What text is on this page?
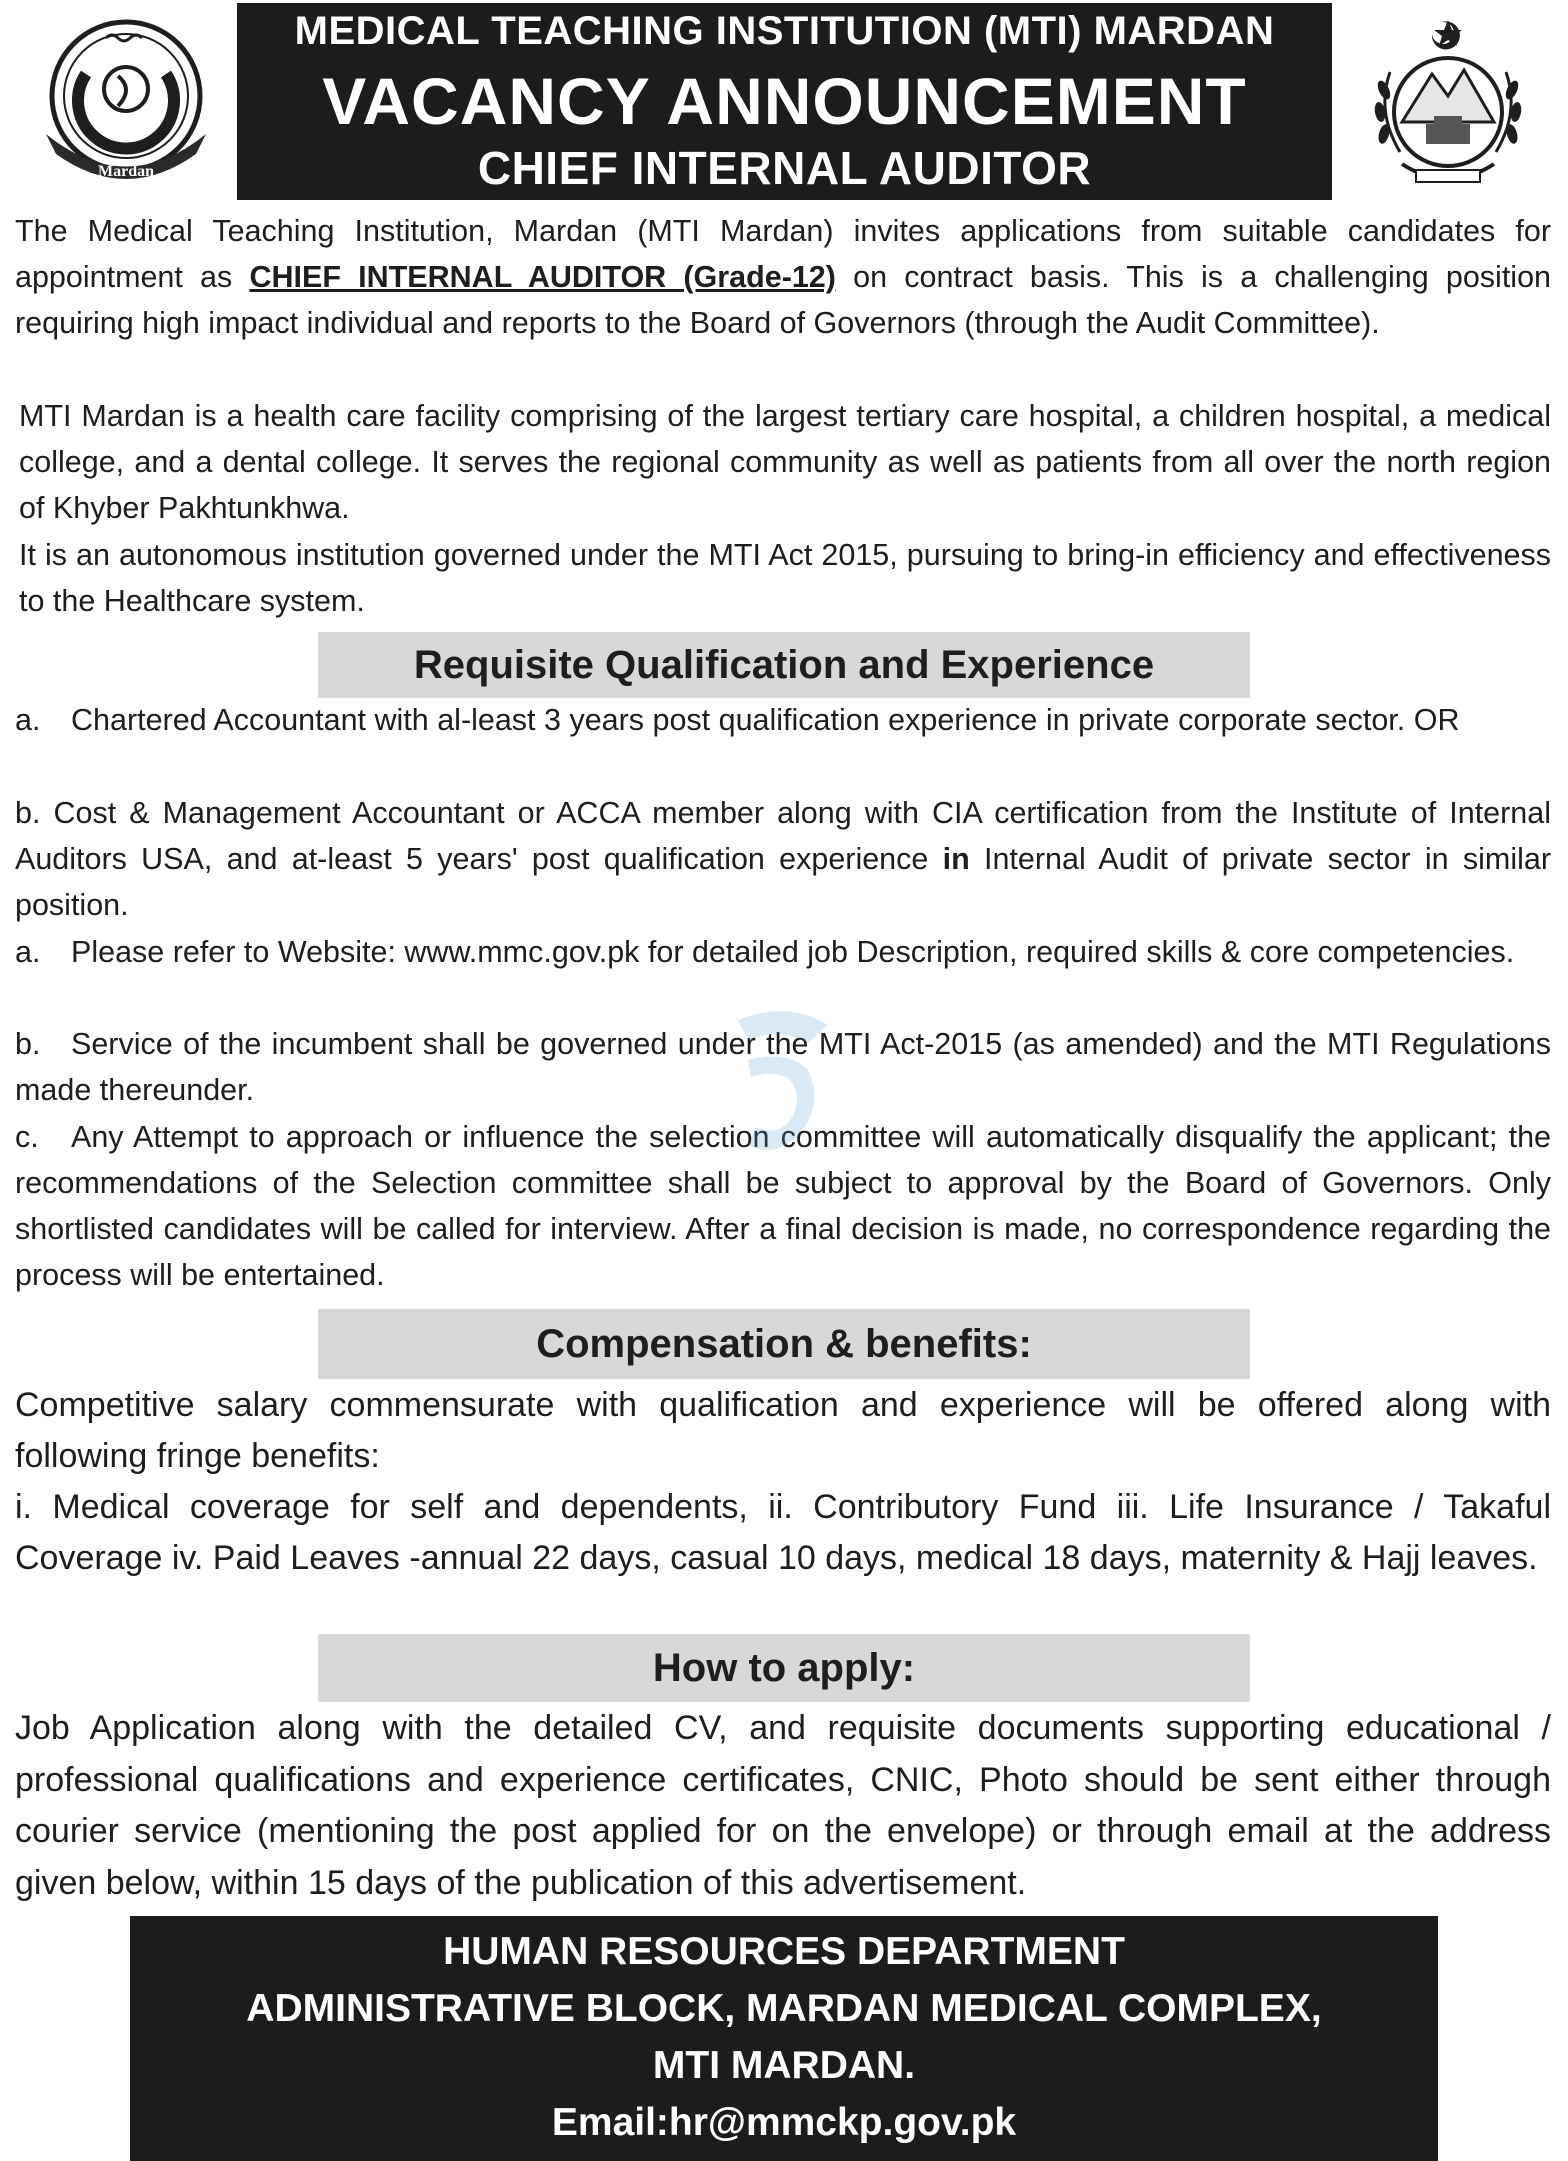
Mardan
MEDICAL TEACHING INSTITUTION (MTI) MARDAN
VACANCY ANNOUNCEMENT
CHIEF INTERNAL AUDITOR

The Medical Teaching Institution, Mardan (MTI Mardan) invites applications from suitable candidates for appointment as CHIEF INTERNAL AUDITOR (Grade-12) on contract basis. This is a challenging position requiring high impact individual and reports to the Board of Governors (through the Audit Committee).

MTI Mardan is a health care facility comprising of the largest tertiary care hospital, a children hospital, a medical college, and a dental college. It serves the regional community as well as patients from all over the north region of Khyber Pakhtunkhwa.

It is an autonomous institution governed under the MTI Act 2015, pursuing to bring-in efficiency and effectiveness to the Healthcare system.

Requisite Qualification and Experience

a. Chartered Accountant with al-least 3 years post qualification experience in private corporate sector. OR

b. Cost & Management Accountant or ACCA member along with CIA certification from the Institute of Internal Auditors USA, and at-least 5 years' post qualification experience in Internal Audit of private sector in similar position.

a. Please refer to Website: www.mmc.gov.pk for detailed job Description, required skills & core competencies.

b. Service of the incumbent shall be governed under the MTI Act-2015 (as amended) and the MTI Regulations made thereunder.

c. Any Attempt to approach or influence the selection committee will automatically disqualify the applicant; the recommendations of the Selection committee shall be subject to approval by the Board of Governors. Only shortlisted candidates will be called for interview. After a final decision is made, no correspondence regarding the process will be entertained.

Compensation & benefits:

Competitive salary commensurate with qualification and experience will be offered along with following fringe benefits:

i. Medical coverage for self and dependents, ii. Contributory Fund iii. Life Insurance / Takaful Coverage iv. Paid Leaves -annual 22 days, casual 10 days, medical 18 days, maternity & Hajj leaves.

How to apply:

Job Application along with the detailed CV, and requisite documents supporting educational / professional qualifications and experience certificates, CNIC, Photo should be sent either through courier service (mentioning the post applied for on the envelope) or through email at the address given below, within 15 days of the publication of this advertisement.

HUMAN RESOURCES DEPARTMENT
ADMINISTRATIVE BLOCK, MARDAN MEDICAL COMPLEX,
MTI MARDAN.
Email:hr@mmckp.gov.pk
